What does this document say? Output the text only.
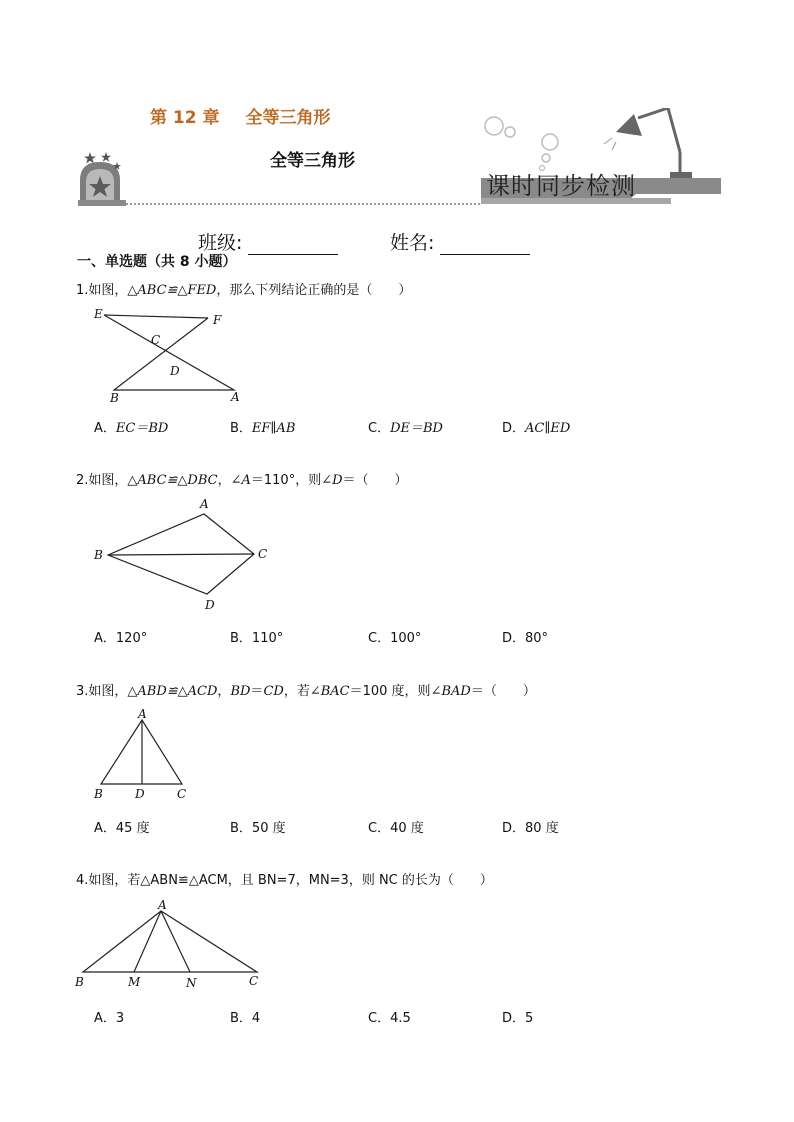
第 12 章 全等三角形
全等三角形
课时同步检测
班级:	姓名:
一、单选题（共 8 小题）
1.如图，△ABC≌△FED，那么下列结论正确的是（　　）
E	F
C
D
B	A
A．EC＝BD	B．EF∥AB	C．DE＝BD	D．AC∥ED
2.如图，△ABC≌△DBC，∠A＝110°，则∠D＝（　　）
A
B	C
D
A．120°	B．110°	C．100°	D．80°
3.如图，△ABD≌△ACD，BD＝CD，若∠BAC＝100 度，则∠BAD＝（　　）
A
B	D	C
A．45 度	B．50 度	C．40 度	D．80 度
4.如图，若△ABN≌△ACM，且 BN=7，MN=3，则 NC 的长为（　　）
A
B	M	N	C
A．3	B．4	C．4.5	D．5
